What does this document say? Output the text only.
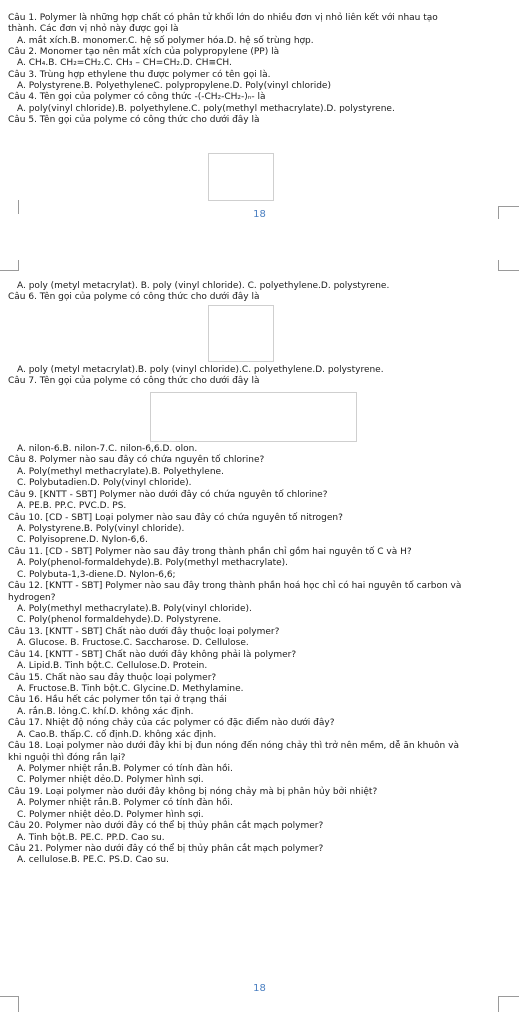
Câu 1. Polymer là những hợp chất có phân tử khối lớn do nhiều đơn vị nhỏ liên kết với nhau tạo
thành. Các đơn vị nhỏ này được gọi là
A. mắt xích.B. monomer.C. hệ số polymer hóa.D. hệ số trùng hợp.
Câu 2. Monomer tạo nên mắt xích của polypropylene (PP) là
A. CH₄.B. CH₂=CH₂.C. CH₃ – CH=CH₂.D. CH≡CH.
Câu 3. Trùng hợp ethylene thu được polymer có tên gọi là.
A. Polystyrene.B. PolyethyleneC. polypropylene.D. Poly(vinyl chloride)
Câu 4. Tên gọi của polymer có công thức -(-CH₂-CH₂-)ₙ- là
A. poly(vinyl chloride).B. polyethylene.C. poly(methyl methacrylate).D. polystyrene.
Câu 5. Tên gọi của polyme có công thức cho dưới đây là
A. poly (metyl metacrylat). B. poly (vinyl chloride). C. polyethylene.D. polystyrene.
Câu 6. Tên gọi của polyme có công thức cho dưới đây là
A. poly (metyl metacrylat).B. poly (vinyl chloride).C. polyethylene.D. polystyrene.
Câu 7. Tên gọi của polyme có công thức cho dưới đây là
A. nilon-6.B. nilon-7.C. nilon-6,6.D. olon.
Câu 8. Polymer nào sau đây có chứa nguyên tố chlorine?
A. Poly(methyl methacrylate).B. Polyethylene.
C. Polybutadien.D. Poly(vinyl chloride).
Câu 9. [KNTT - SBT] Polymer nào dưới đây có chứa nguyên tố chlorine?
A. PE.B. PP.C. PVC.D. PS.
Câu 10. [CD - SBT] Loại polymer nào sau đây có chứa nguyên tố nitrogen?
A. Polystyrene.B. Poly(vinyl chloride).
C. Polyisoprene.D. Nylon-6,6.
Câu 11. [CD - SBT] Polymer nào sau đây trong thành phần chỉ gồm hai nguyên tố C và H?
A. Poly(phenol-formaldehyde).B. Poly(methyl methacrylate).
C. Polybuta-1,3-diene.D. Nylon-6,6;
Câu 12. [KNTT - SBT] Polymer nào sau đây trong thành phần hoá học chỉ có hai nguyên tố carbon và
hydrogen?
A. Poly(methyl methacrylate).B. Poly(vinyl chloride).
C. Poly(phenol formaldehyde).D. Polystyrene.
Câu 13. [KNTT - SBT] Chất nào dưới đây thuộc loại polymer?
A. Glucose. B. Fructose.C. Saccharose. D. Cellulose.
Câu 14. [KNTT - SBT] Chất nào dưới đây không phải là polymer?
A. Lipid.B. Tinh bột.C. Cellulose.D. Protein.
Câu 15. Chất nào sau đây thuộc loại polymer?
A. Fructose.B. Tinh bột.C. Glycine.D. Methylamine.
Câu 16. Hầu hết các polymer tồn tại ở trạng thái
A. rắn.B. lỏng.C. khí.D. không xác định.
Câu 17. Nhiệt độ nóng chảy của các polymer có đặc điểm nào dưới đây?
A. Cao.B. thấp.C. cố định.D. không xác định.
Câu 18. Loại polymer nào dưới đây khi bị đun nóng đến nóng chảy thì trở nên mềm, dễ ăn khuôn và
khi nguội thì đóng rắn lại?
A. Polymer nhiệt rắn.B. Polymer có tính đàn hồi.
C. Polymer nhiệt dẻo.D. Polymer hình sợi.
Câu 19. Loại polymer nào dưới đây không bị nóng chảy mà bị phân hủy bởi nhiệt?
A. Polymer nhiệt rắn.B. Polymer có tính đàn hồi.
C. Polymer nhiệt dẻo.D. Polymer hình sợi.
Câu 20. Polymer nào dưới đây có thể bị thủy phân cắt mạch polymer?
A. Tinh bột.B. PE.C. PP.D. Cao su.
Câu 21. Polymer nào dưới đây có thể bị thủy phân cắt mạch polymer?
A. cellulose.B. PE.C. PS.D. Cao su.
18
18
